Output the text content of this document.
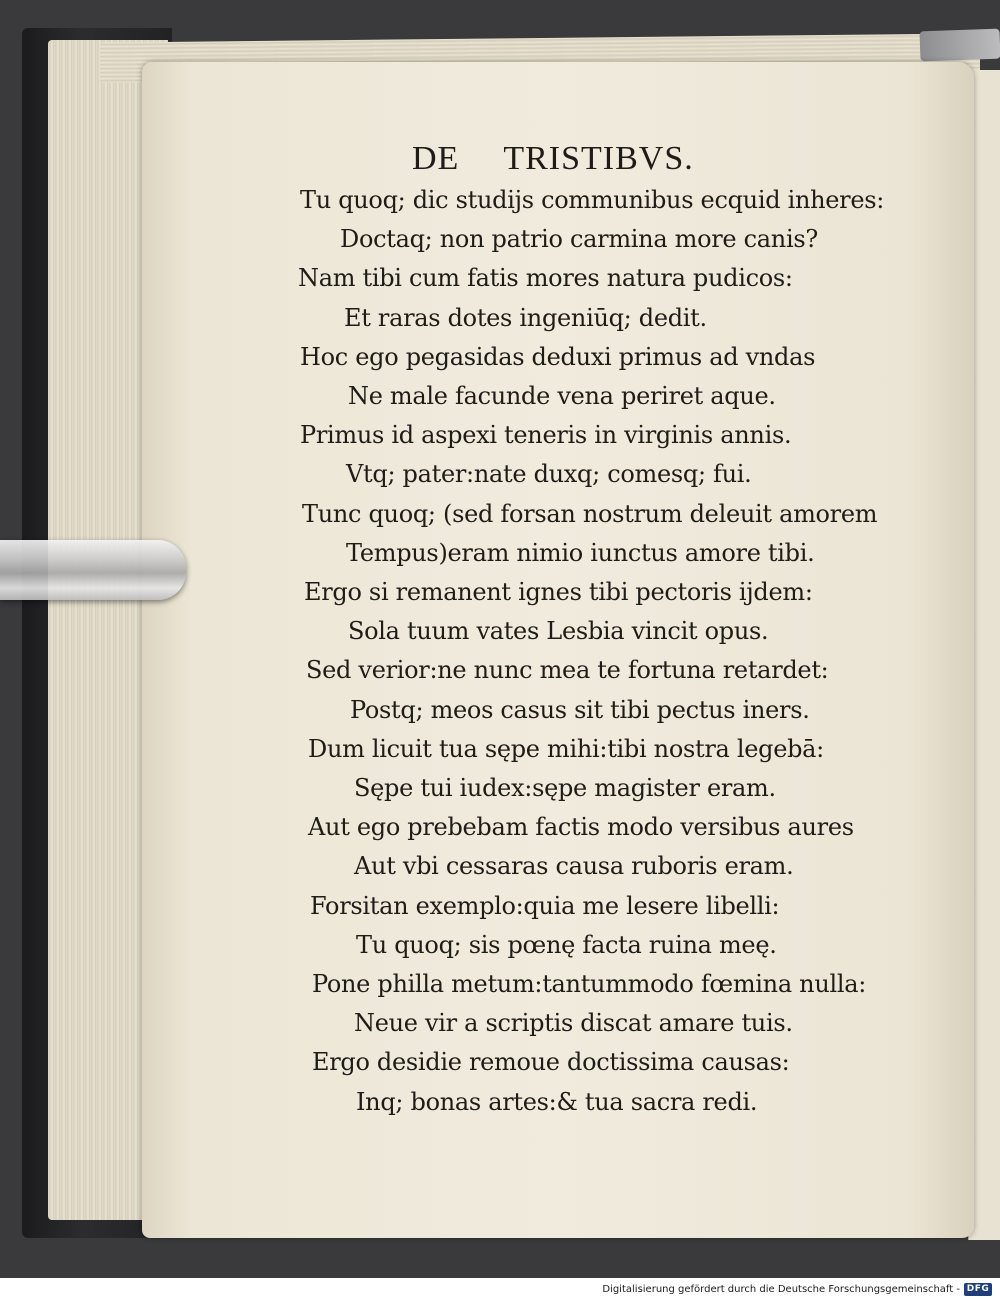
DE TRISTIBVS.
Tu quoq; dic studijs communibus ecquid inheres:
Doctaq; non patrio carmina more canis?
Nam tibi cum fatis mores natura pudicos:
Et raras dotes ingeniūq; dedit.
Hoc ego pegasidas deduxi primus ad vndas
Ne male facunde vena periret aque.
Primus id aspexi teneris in virginis annis.
Vtq; pater:nate duxq; comesq; fui.
Tunc quoq; (sed forsan nostrum deleuit amorem
Tempus)eram nimio iunctus amore tibi.
Ergo si remanent ignes tibi pectoris ijdem:
Sola tuum vates Lesbia vincit opus.
Sed verior:ne nunc mea te fortuna retardet:
Postq; meos casus sit tibi pectus iners.
Dum licuit tua sępe mihi:tibi nostra legebā:
Sępe tui iudex:sępe magister eram.
Aut ego prebebam factis modo versibus aures
Aut vbi cessaras causa ruboris eram.
Forsitan exemplo:quia me lesere libelli:
Tu quoq; sis pœnę facta ruina meę.
Pone philla metum:tantummodo fœmina nulla:
Neue vir a scriptis discat amare tuis.
Ergo desidie remoue doctissima causas:
Inq; bonas artes:& tua sacra redi.
Digitalisierung gefördert durch die Deutsche Forschungsgemeinschaft - DFG
